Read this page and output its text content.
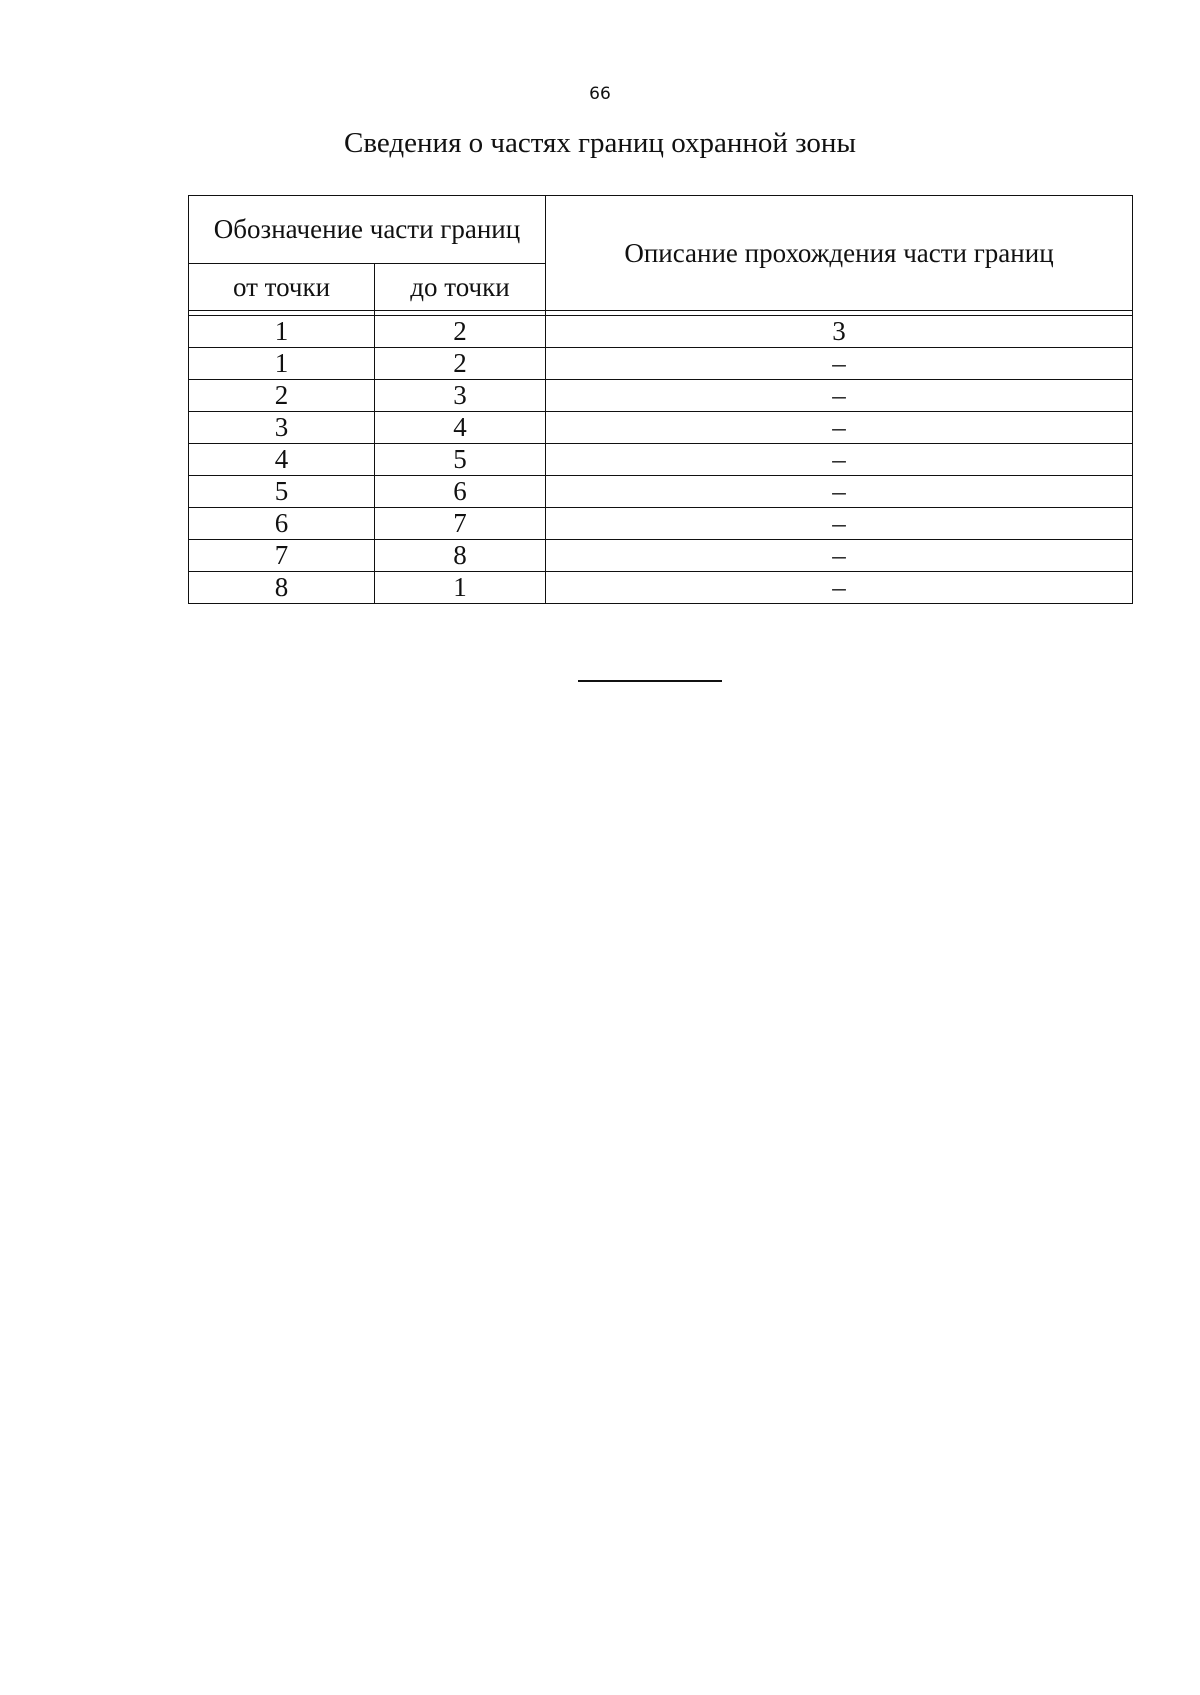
66
Сведения о частях границ охранной зоны
Обозначение части границ		Описание прохождения части границ
от точки	до точки	

1	2	3
1	2	–
2	3	–
3	4	–
4	5	–
5	6	–
6	7	–
7	8	–
8	1	–
